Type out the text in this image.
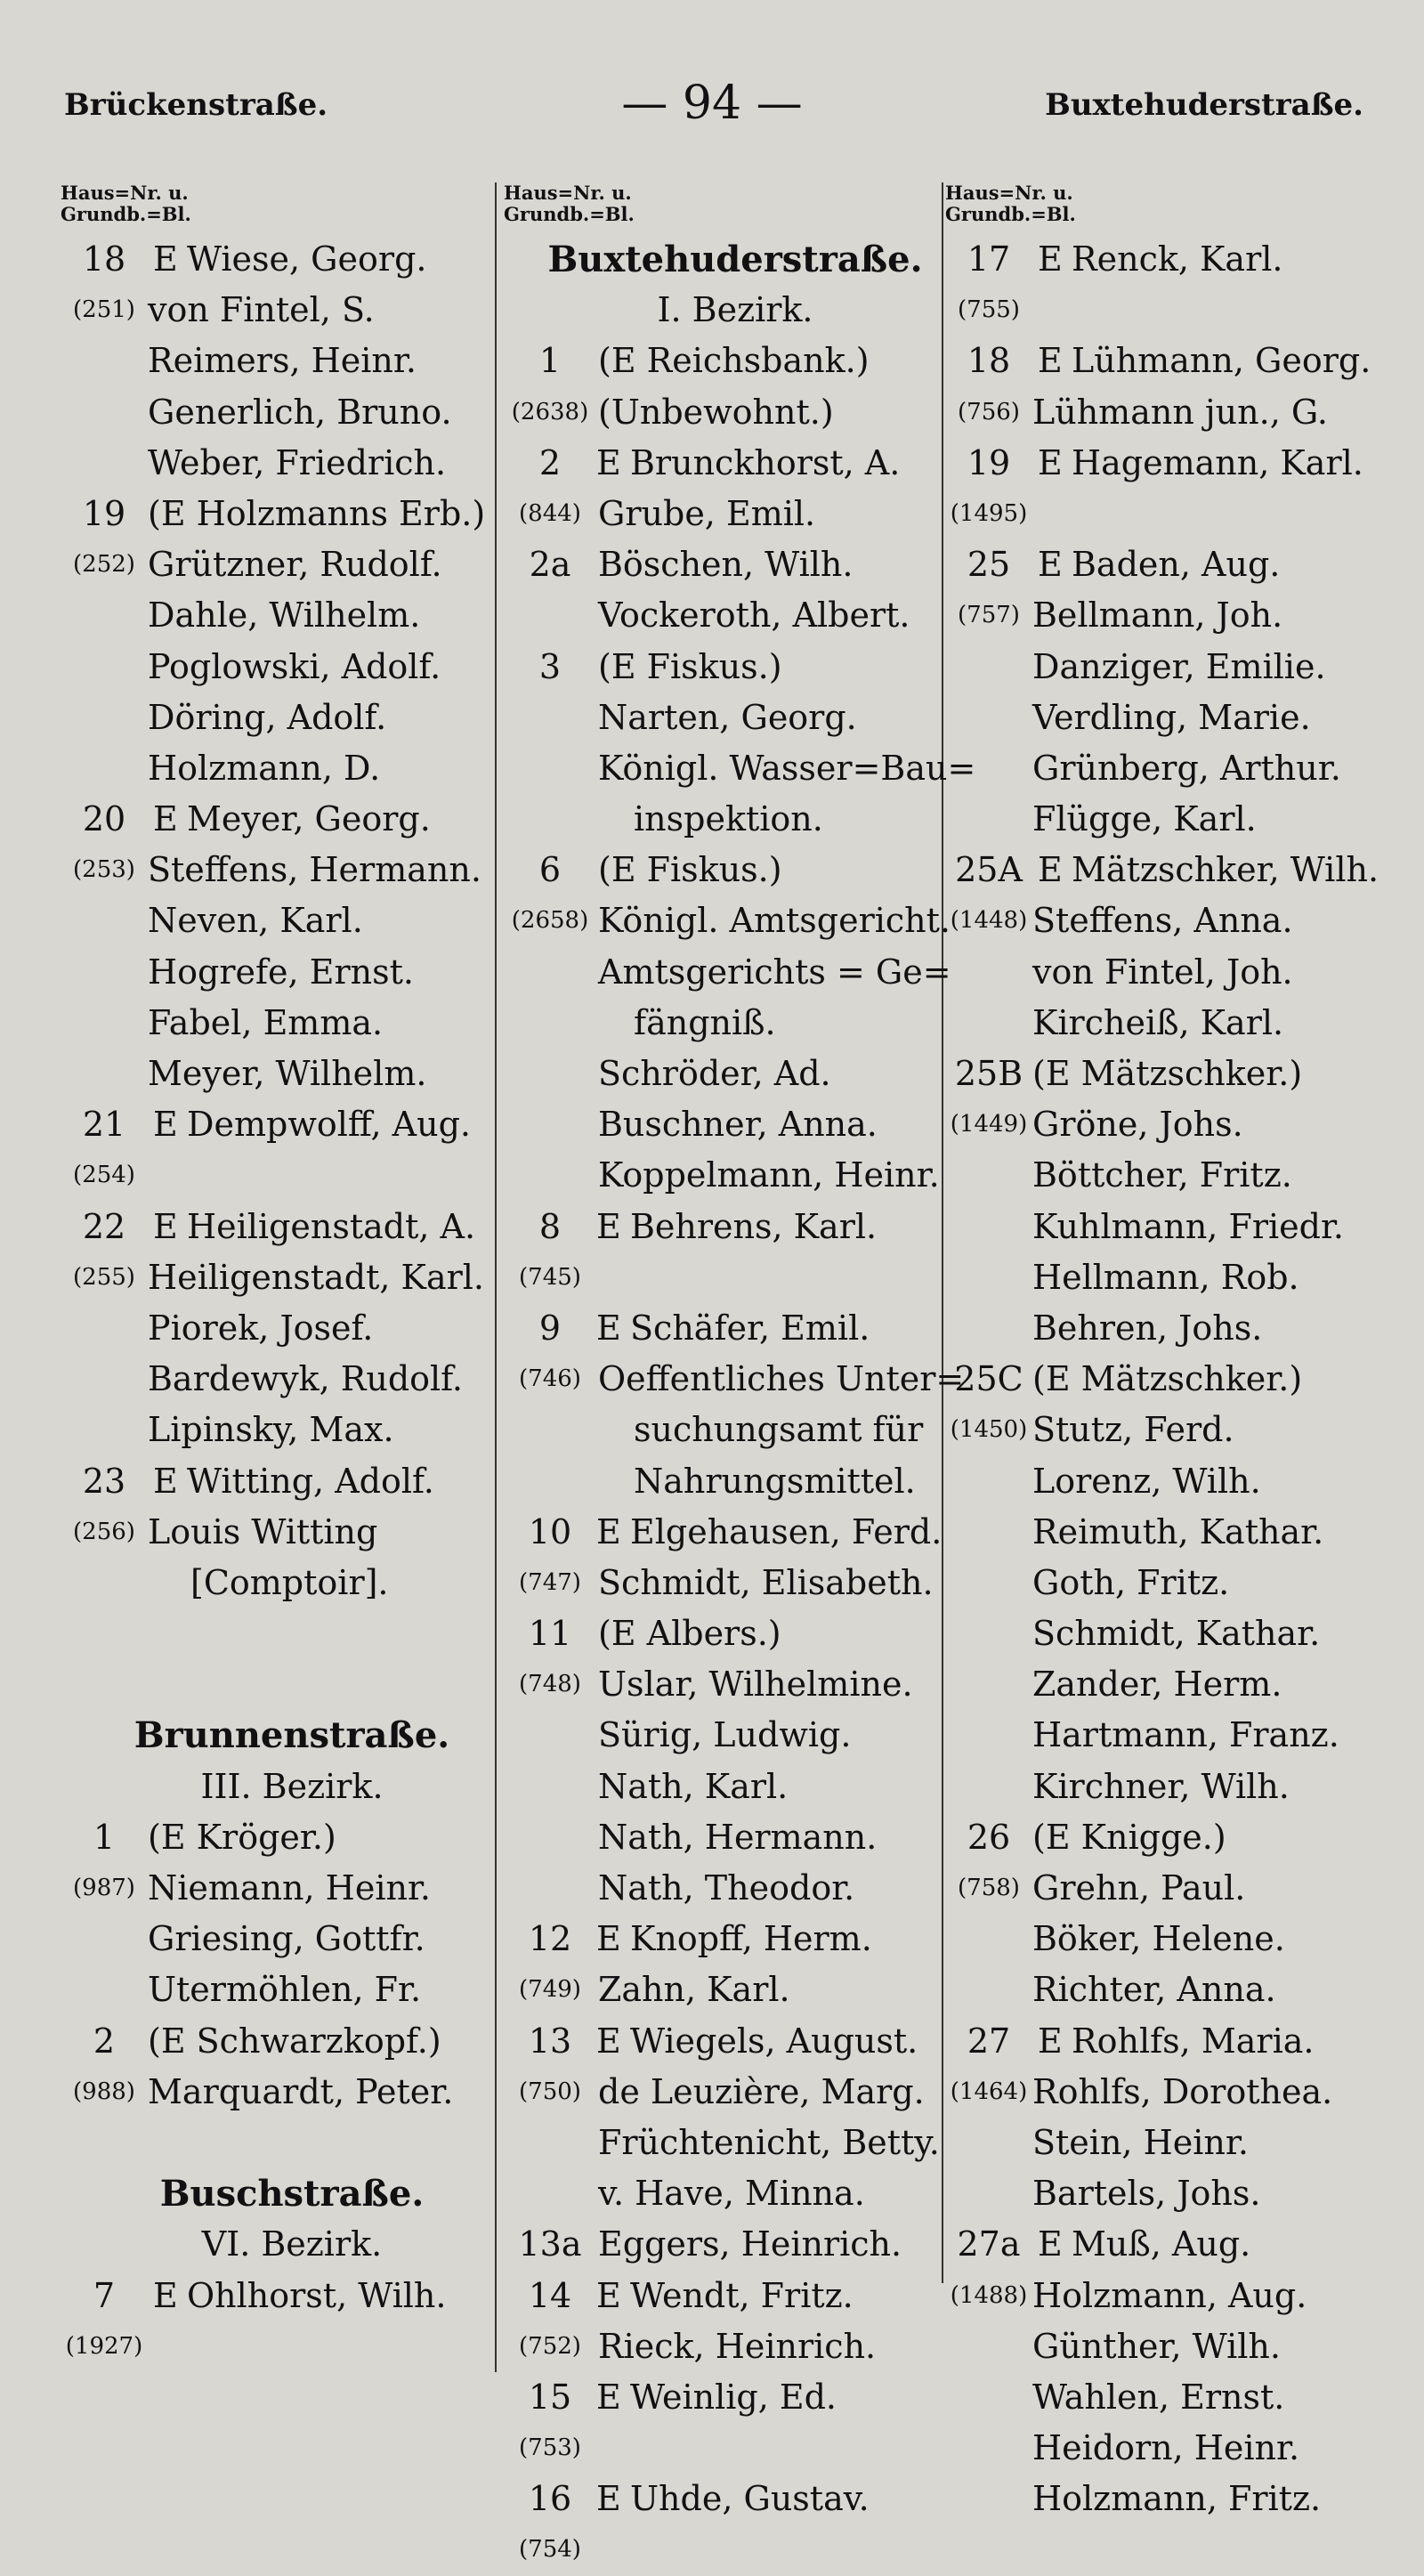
Brückenstraße.	— 94 —	Buxtehuderstraße.
Haus=Nr. u.
Grundb.=Bl.
18 E Wiese, Georg.
(251) von Fintel, S.
Reimers, Heinr.
Generlich, Bruno.
Weber, Friedrich.
19 (E Holzmanns Erb.)
(252) Grützner, Rudolf.
Dahle, Wilhelm.
Poglowski, Adolf.
Döring, Adolf.
Holzmann, D.
20 E Meyer, Georg.
(253) Steffens, Hermann.
Neven, Karl.
Hogrefe, Ernst.
Fabel, Emma.
Meyer, Wilhelm.
21 E Dempwolff, Aug.
(254)
22 E Heiligenstadt, A.
(255) Heiligenstadt, Karl.
Piorek, Josef.
Bardewyk, Rudolf.
Lipinsky, Max.
23 E Witting, Adolf.
(256) Louis Witting
[Comptoir].
Brunnenstraße.
III. Bezirk.
1 (E Kröger.)
(987) Niemann, Heinr.
Griesing, Gottfr.
Utermöhlen, Fr.
2 (E Schwarzkopf.)
(988) Marquardt, Peter.
Buschstraße.
VI. Bezirk.
7	E Ohlhorst, Wilh.
(1927)
Haus=Nr. u.
Grundb.=Bl.
Buxtehuderstraße.
I. Bezirk.
1	(E Reichsbank.)
(2638) (Unbewohnt.)
2	E Brunckhorst, A.
(844) Grube, Emil.
2a Böschen, Wilh.
Vockeroth, Albert.
3	(E Fiskus.)
Narten, Georg.
Königl. Wasser=Bau=
inspektion.
6	(E Fiskus.)
(2658) Königl. Amtsgericht.
Amtsgerichts = Ge=
fängniß.
Schröder, Ad.
Buschner, Anna.
Koppelmann, Heinr.
8	E Behrens, Karl.
(745)
9	E Schäfer, Emil.
(746) Oeffentliches Unter=
suchungsamt für
Nahrungsmittel.
10 E Elgehausen, Ferd.
(747) Schmidt, Elisabeth.
11 (E Albers.)
(748) Uslar, Wilhelmine.
Sürig, Ludwig.
Nath, Karl.
Nath, Hermann.
Nath, Theodor.
12 E Knopff, Herm.
(749) Zahn, Karl.
13 E Wiegels, August.
(750) de Leuzière, Marg.
Früchtenicht, Betty.
v. Have, Minna.
13a Eggers, Heinrich.
14 E Wendt, Fritz.
(752) Rieck, Heinrich.
15 E Weinlig, Ed.
(753)
16 E Uhde, Gustav.
(754)
Haus=Nr. u.
Grundb.=Bl.
17 E Renck, Karl.
(755)
18 E Lühmann, Georg.
(756) Lühmann jun., G.
19 E Hagemann, Karl.
(1495)
25 E Baden, Aug.
(757) Bellmann, Joh.
Danziger, Emilie.
Verdling, Marie.
Grünberg, Arthur.
Flügge, Karl.
25A E Mätzschker, Wilh.
(1448) Steffens, Anna.
von Fintel, Joh.
Kircheiß, Karl.
25B (E Mätzschker.)
(1449) Gröne, Johs.
Böttcher, Fritz.
Kuhlmann, Friedr.
Hellmann, Rob.
Behren, Johs.
25C (E Mätzschker.)
(1450) Stutz, Ferd.
Lorenz, Wilh.
Reimuth, Kathar.
Goth, Fritz.
Schmidt, Kathar.
Zander, Herm.
Hartmann, Franz.
Kirchner, Wilh.
26 (E Knigge.)
(758) Grehn, Paul.
Böker, Helene.
Richter, Anna.
27 E Rohlfs, Maria.
(1464) Rohlfs, Dorothea.
Stein, Heinr.
Bartels, Johs.
27a E Muß, Aug.
(1488) Holzmann, Aug.
Günther, Wilh.
Wahlen, Ernst.
Heidorn, Heinr.
Holzmann, Fritz.
